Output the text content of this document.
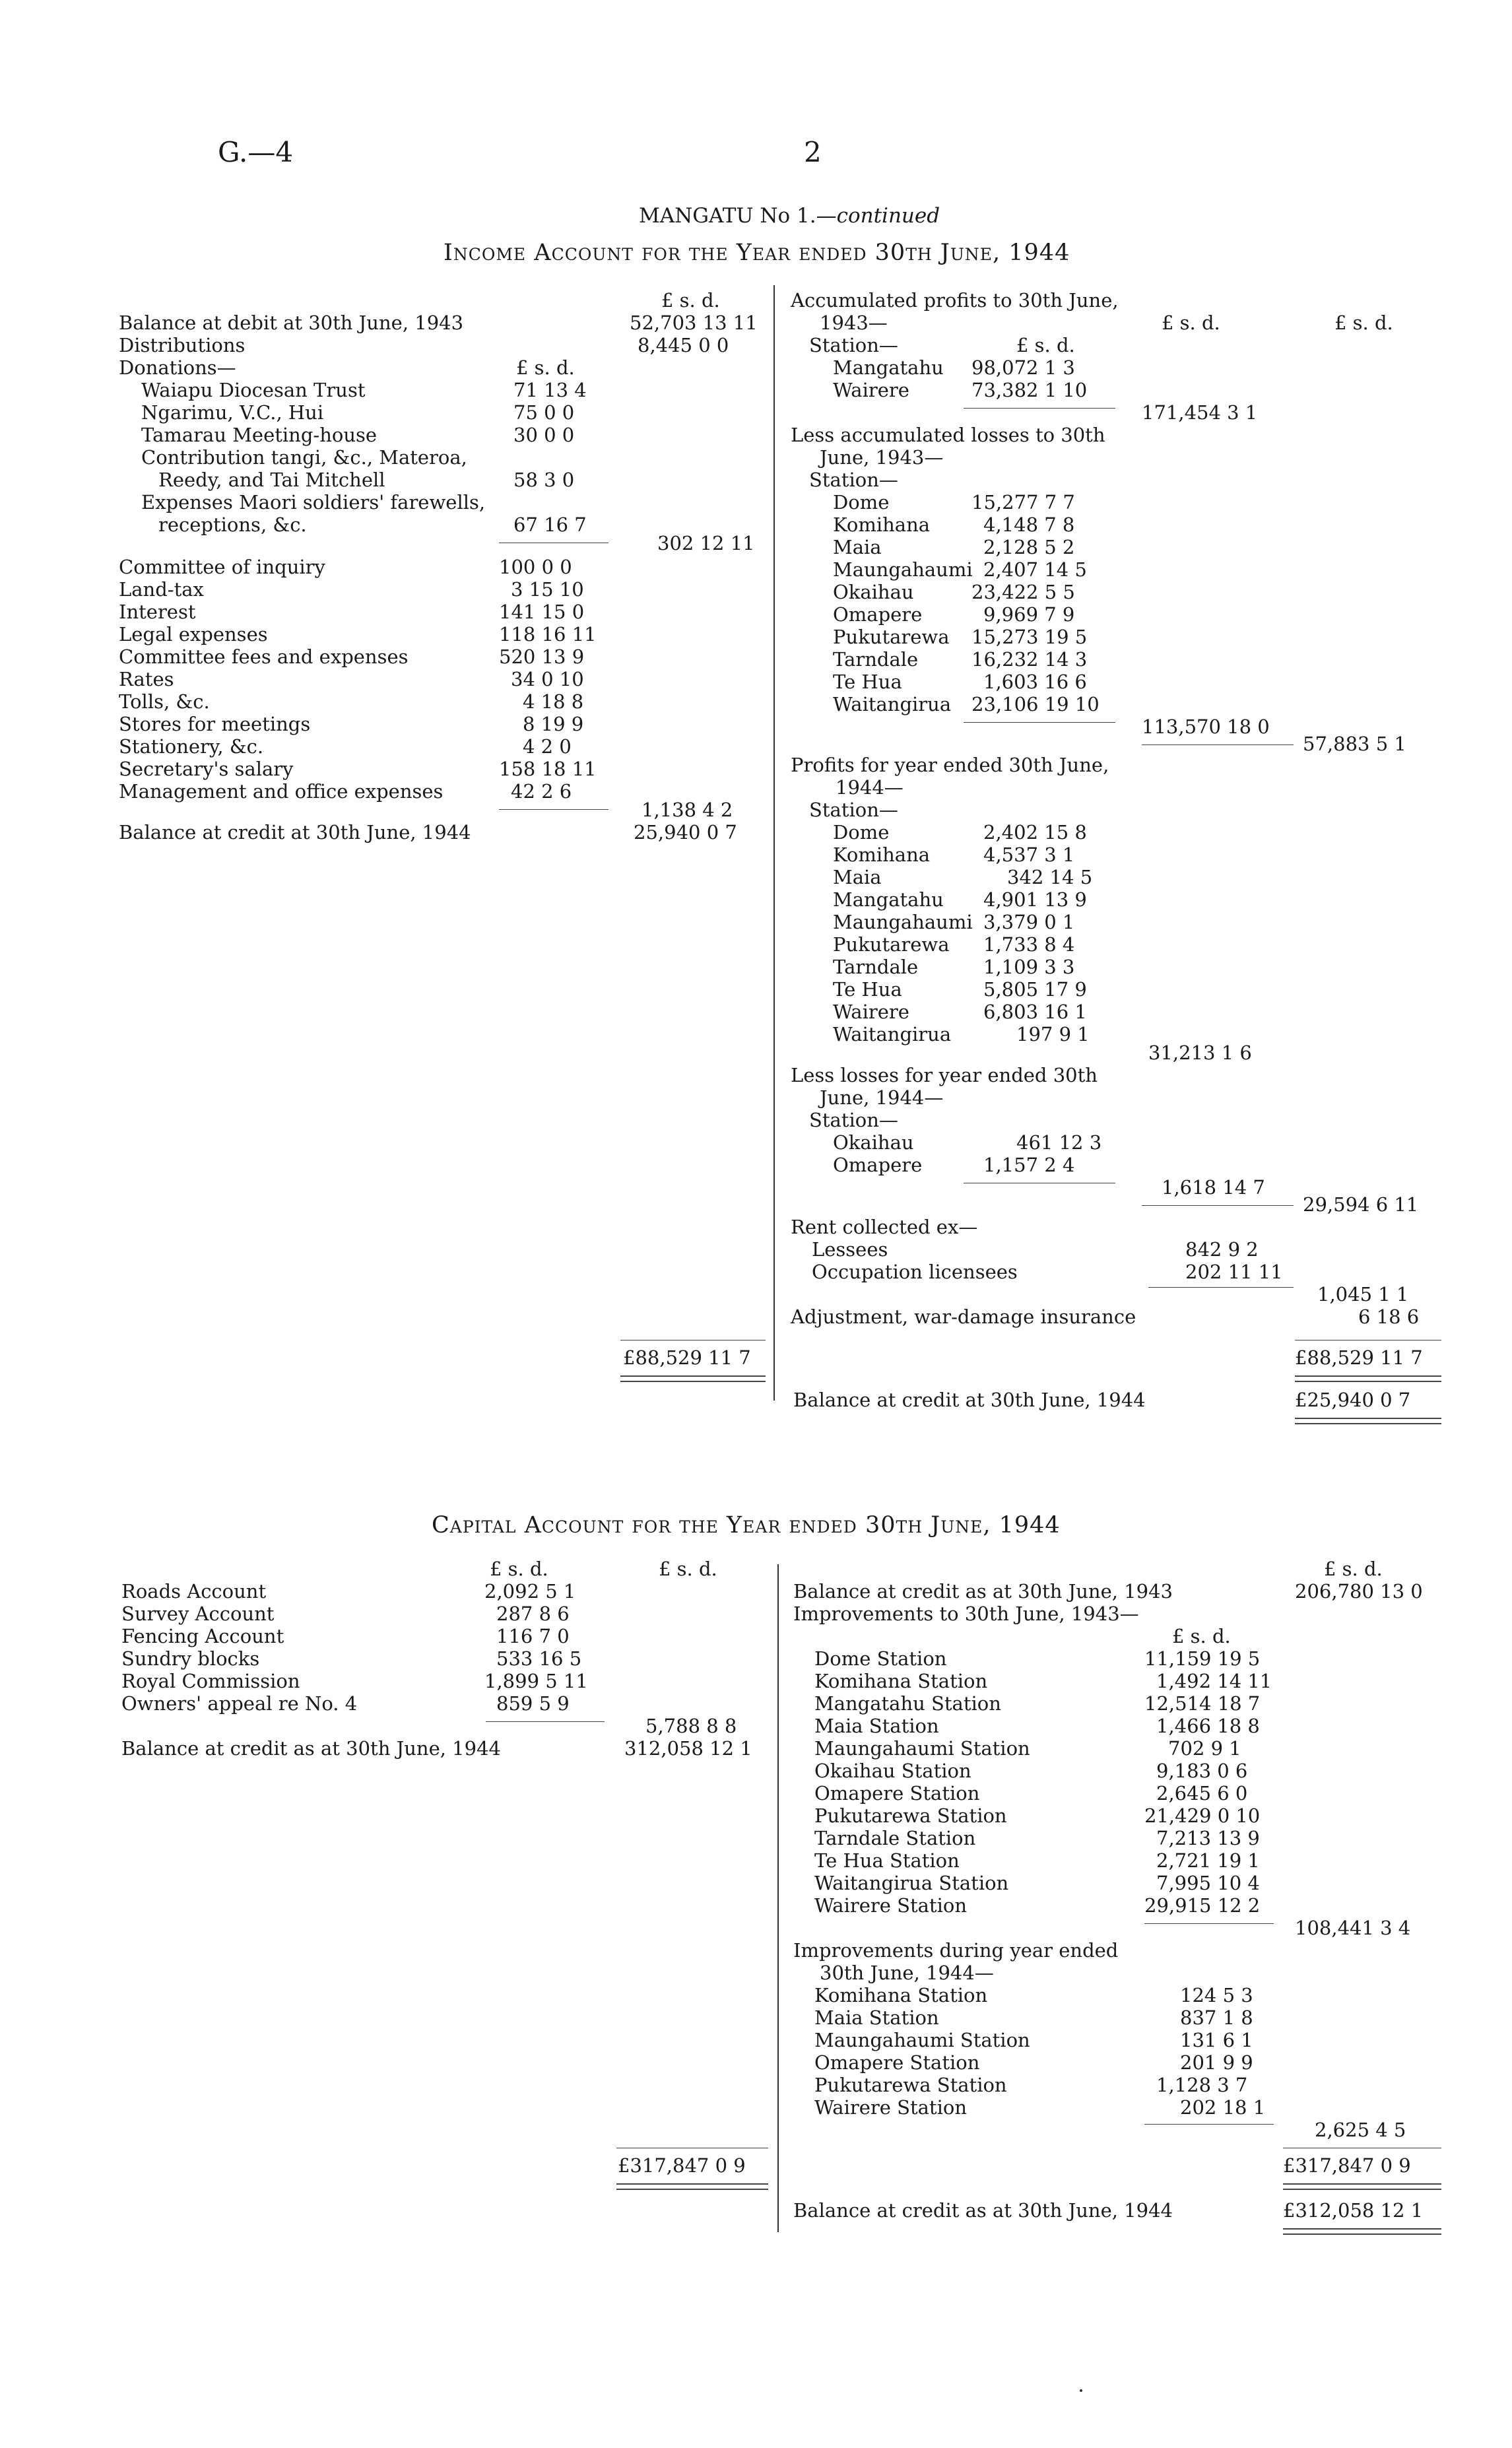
G.—4	2
MANGATU No 1.—continued
Income Account for the Year ended 30th June, 1944
£ s. d.
Balance at debit at 30th June, 1943	52,703 13 11
Distributions	8,445 0 0
Donations—	£ s. d.
Waiapu Diocesan Trust	71 13 4
Ngarimu, V.C., Hui	75 0 0
Tamarau Meeting-house	30 0 0
Contribution tangi, &c., Materoa,
Reedy, and Tai Mitchell	58 3 0
Expenses Maori soldiers' farewells,
receptions, &c.	67 16 7
302 12 11
Committee of inquiry	100 0 0
Land-tax	3 15 10
Interest	141 15 0
Legal expenses	118 16 11
Committee fees and expenses	520 13 9
Rates	34 0 10
Tolls, &c.	4 18 8
Stores for meetings	8 19 9
Stationery, &c.	4 2 0
Secretary's salary	158 18 11
Management and office expenses	42 2 6
1,138 4 2
Balance at credit at 30th June, 1944	25,940 0 7
£88,529 11 7
Accumulated profits to 30th June,
1943—	£ s. d.	£ s. d.
Station—	£ s. d.
Mangatahu 98,072 1 3
Wairere	73,382 1 10
171,454 3 1
Less accumulated losses to 30th
June, 1943—
Station—
Dome	15,277 7 7
Komihana	4,148 7 8
Maia	2,128 5 2
Maungahaumi 2,407 14 5
Okaihau	23,422 5 5
Omapere	9,969 7 9
Pukutarewa 15,273 19 5
Tarndale	16,232 14 3
Te Hua	1,603 16 6
Waitangirua 23,106 19 10
113,570 18 0
57,883 5 1
Profits for year ended 30th June,
1944—
Station—
Dome	2,402 15 8
Komihana	4,537 3 1
Maia	342 14 5
Mangatahu 4,901 13 9
Maungahaumi 3,379 0 1
Pukutarewa 1,733 8 4
Tarndale	1,109 3 3
Te Hua	5,805 17 9
Wairere	6,803 16 1
Waitangirua	197 9 1
31,213 1 6
Less losses for year ended 30th
June, 1944—
Station—
Okaihau	461 12 3
Omapere	1,157 2 4
1,618 14 7
29,594 6 11
Rent collected ex—
Lessees	842 9 2
Occupation licensees	202 11 11
1,045 1 1
Adjustment, war-damage insurance	6 18 6
£88,529 11 7
Balance at credit at 30th June, 1944	£25,940 0 7
Capital Account for the Year ended 30th June, 1944
£ s. d.	£ s. d.
Roads Account	2,092 5 1
Survey Account	287 8 6
Fencing Account	116 7 0
Sundry blocks	533 16 5
Royal Commission	1,899 5 11
Owners' appeal re No. 4	859 5 9
5,788 8 8
Balance at credit as at 30th June, 1944	312,058 12 1
£317,847 0 9
£ s. d.
Balance at credit as at 30th June, 1943	206,780 13 0
Improvements to 30th June, 1943—
£ s. d.
Dome Station	11,159 19 5
Komihana Station	1,492 14 11
Mangatahu Station	12,514 18 7
Maia Station	1,466 18 8
Maungahaumi Station	702 9 1
Okaihau Station	9,183 0 6
Omapere Station	2,645 6 0
Pukutarewa Station	21,429 0 10
Tarndale Station	7,213 13 9
Te Hua Station	2,721 19 1
Waitangirua Station	7,995 10 4
Wairere Station	29,915 12 2
108,441 3 4
Improvements during year ended
30th June, 1944—
Komihana Station	124 5 3
Maia Station	837 1 8
Maungahaumi Station	131 6 1
Omapere Station	201 9 9
Pukutarewa Station	1,128 3 7
Wairere Station	202 18 1
2,625 4 5
£317,847 0 9
Balance at credit as at 30th June, 1944	£312,058 12 1
